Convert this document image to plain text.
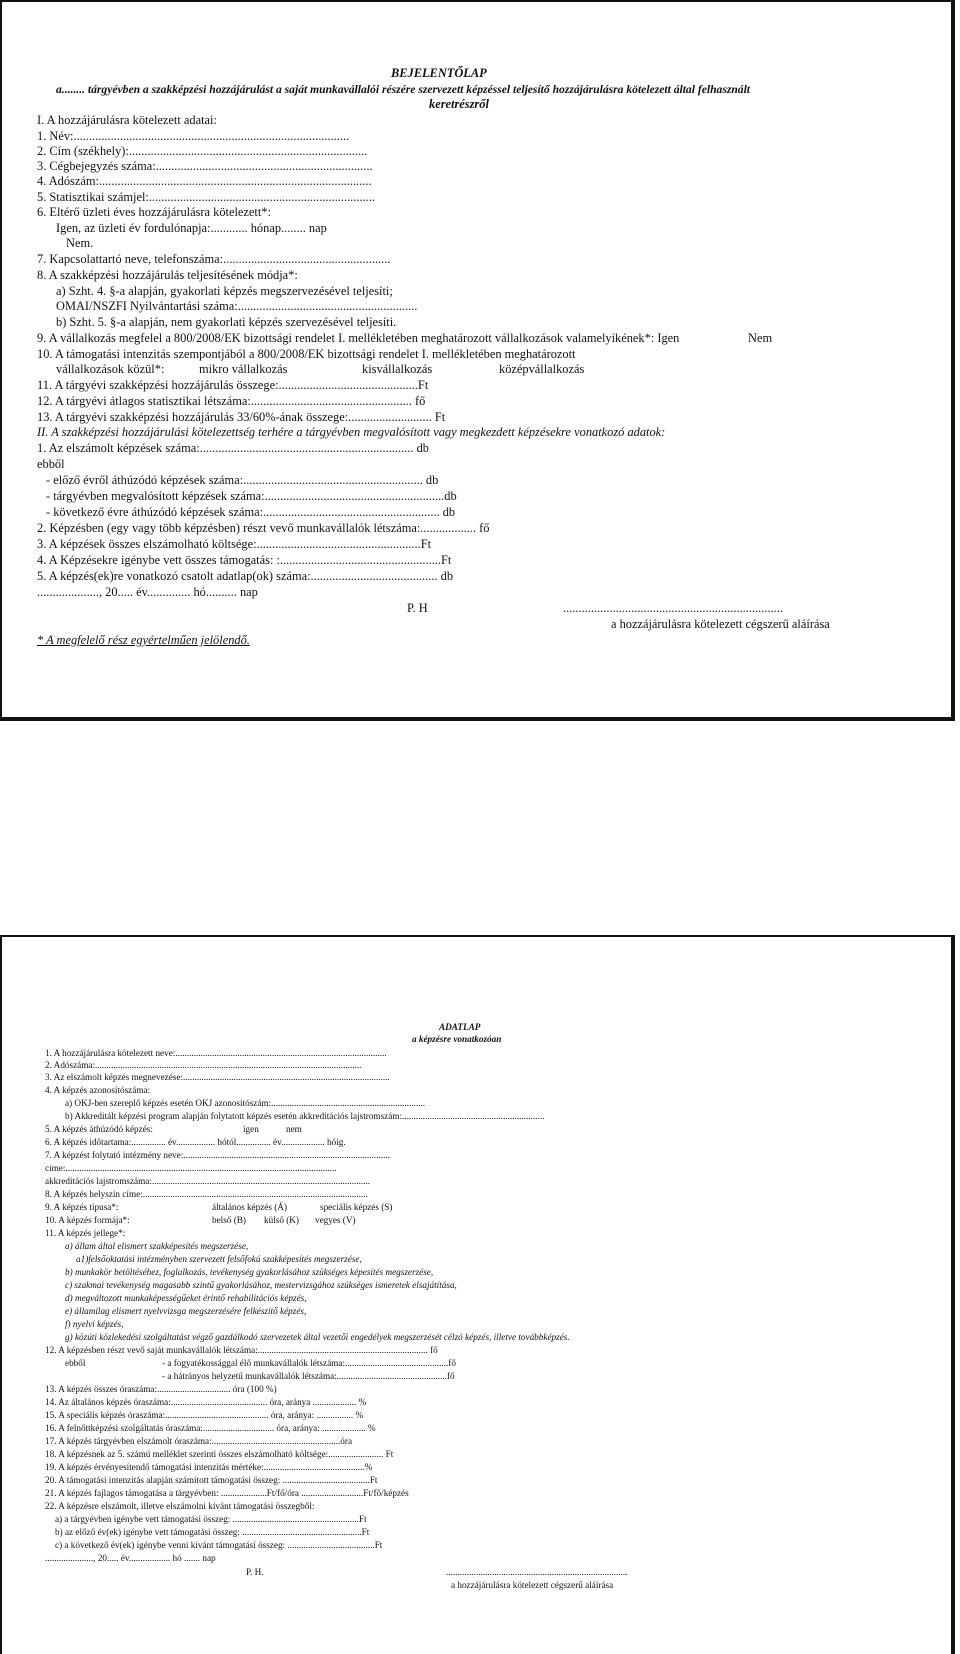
BEJELENTŐLAP
a........ tárgyévben a szakképzési hozzájárulást a saját munkavállalói részére szervezett képzéssel teljesítő hozzájárulásra kötelezett által felhasznált
keretrészről
I. A hozzájárulásra kötelezett adatai:
1. Név:.........................................................................................
2. Cím (székhely):.............................................................................
3. Cégbejegyzés száma:......................................................................
4. Adószám:........................................................................................
5. Statisztikai számjel:.........................................................................
6. Eltérő üzleti éves hozzájárulásra kötelezett*:
Igen, az üzleti év fordulónapja:............ hónap........ nap
Nem.
7. Kapcsolattartó neve, telefonszáma:......................................................
8. A szakképzési hozzájárulás teljesítésének módja*:
a) Szht. 4. §-a alapján, gyakorlati képzés megszervezésével teljesíti;
OMAI/NSZFI Nyilvántartási száma:..........................................................
b) Szht. 5. §-a alapján, nem gyakorlati képzés szervezésével teljesíti.
9. A vállalkozás megfelel a 800/2008/EK bizottsági rendelet I. mellékletében meghatározott vállalkozások valamelyikének*: Igen	Nem
10. A támogatási intenzitás szempontjából a 800/2008/EK bizottsági rendelet I. mellékletében meghatározott
vállalkozások közül*:	mikro vállalkozás	kisvállalkozás	középvállalkozás
11. A tárgyévi szakképzési hozzájárulás összege:.............................................Ft
12. A tárgyévi átlagos statisztikai létszáma:.................................................... fő
13. A tárgyévi szakképzési hozzájárulás 33/60%-ának összege:........................... Ft
II. A szakképzési hozzájárulási kötelezettség terhére a tárgyévben megvalósított vagy megkezdett képzésekre vonatkozó adatok:
1. Az elszámolt képzések száma:..................................................................... db
ebből
- előző évről áthúzódó képzések száma:.......................................................... db
- tárgyévben megvalósított képzések száma:..........................................................db
- következő évre áthúzódó képzések száma:......................................................... db
2. Képzésben (egy vagy több képzésben) részt vevő munkavállalók létszáma:.................. fő
3. A képzések összes elszámolható költsége:.....................................................Ft
4. A Képzésekre igénybe vett összes támogatás: :....................................................Ft
5. A képzés(ek)re vonatkozó csatolt adatlap(ok) száma:......................................... db
...................., 20..... év.............. hó.......... nap
P. H	.......................................................................
a hozzájárulásra kötelezett cégszerű aláírása
* A megfelelő rész egyértelműen jelölendő.
ADATLAP
a képzésre vonatkozóan
1. A hozzájárulásra kötelezett neve:............................................................................................
2. Adószáma:....................................................................................................................
3. Az elszámolt képzés megnevezése:..........................................................................................
4. A képzés azonosítószáma:
a) OKJ-ben szereplő képzés esetén OKJ azonosítószám:...................................................................
b) Akkreditált képzési program alapján folytatott képzés esetén akkreditációs lajstromszám:..............................................................
5. A képzés áthúzódó képzés:	igen	nem
6. A képzés időtartama:............... év................. hótól............... év................... hóig.
7. A képzést folytató intézmény neve:..........................................................................................
címe:......................................................................................................................
akkreditációs lajstromszáma:...............................................................................................
8. A képzés helyszín címe:..................................................................................................
9. A képzés típusa*:	általános képzés (Á)	speciális képzés (S)
10. A képzés formája*:	belső (B) külső (K) vegyes (V)
11. A képzés jellege*:
a) állam által elismert szakképesítés megszerzése,
a1)felsőoktatási intézményben szervezett felsőfokú szakképesítés megszerzése,
b) munkakör betöltéséhez, foglalkozás, tevékenység gyakorlásához szükséges képesítés megszerzése,
c) szakmai tevékenység magasabb szintű gyakorlásához, mestervizsgához szükséges ismeretek elsajátítása,
d) megváltozott munkaképességűeket érintő rehabilitációs képzés,
e) államilag elismert nyelvvizsga megszerzésére felkészítő képzés,
f) nyelvi képzés,
g) közúti közlekedési szolgáltatást végző gazdálkodó szervezetek által vezetői engedélyek megszerzését célzó képzés, illetve továbbképzés.
12. A képzésben részt vevő saját munkavállalók létszáma:.......................................................................... fő
ebből	- a fogyatékossággal élő munkavállalók létszáma:.............................................fő
- a hátrányos helyzetű munkavállalók létszáma:................................................fő
13. A képzés összes óraszáma:................................ óra (100 %)
14. Az általános képzés óraszáma:.......................................... óra, aránya ................... %
15. A speciális képzés óraszáma:............................................. óra, aránya: ................ %
16. A felnőttképzési szolgáltatás óraszáma:............................... óra, aránya: ................... %
17. A képzés tárgyévben elszámolt óraszáma:........................................................óra
18. A képzésnek az 5. számú melléklet szerinti összes elszámolható költsége:........................ Ft
19. A képzés érvényesítendő támogatási intenzitás mértéke:............................................%
20. A támogatási intenzitás alapján számított támogatási összeg: ......................................Ft
21. A képzés fajlagos támogatása a tárgyévben: ....................Ft/fő/óra ...........................Ft/fő/képzés
22. A képzésre elszámolt, illetve elszámolni kívánt támogatási összegből:
a) a tárgyévben igénybe vett támogatási összeg: .......................................................Ft
b) az előző év(ek) igénybe vett támogatási összeg: ....................................................Ft
c) a következő év(ek) igénybe venni kívánt támogatási összeg: ......................................Ft
....................., 20..... év.................. hó ....... nap
P. H.	...............................................................................
a hozzájárulásra kötelezett cégszerű aláírása
